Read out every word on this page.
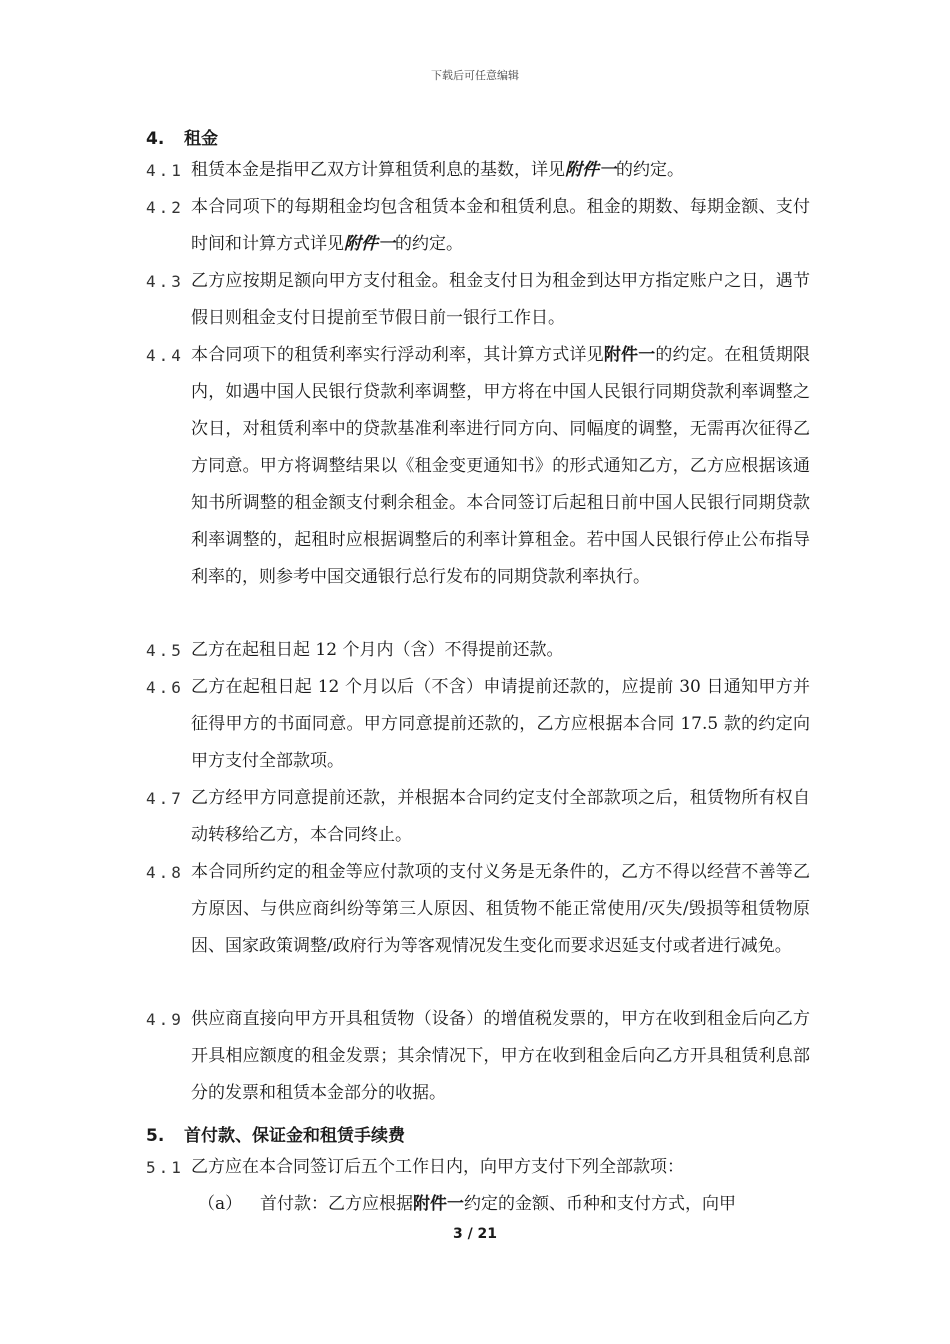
下载后可任意编辑
4. 租金
4.1 租赁本金是指甲乙双方计算租赁利息的基数，详见附件一的约定。
4.2 本合同项下的每期租金均包含租赁本金和租赁利息。租金的期数、每期金额、支付时间和计算方式详见附件一的约定。
4.3 乙方应按期足额向甲方支付租金。租金支付日为租金到达甲方指定账户之日，遇节假日则租金支付日提前至节假日前一银行工作日。
4.4 本合同项下的租赁利率实行浮动利率，其计算方式详见附件一的约定。在租赁期限内，如遇中国人民银行贷款利率调整，甲方将在中国人民银行同期贷款利率调整之次日，对租赁利率中的贷款基准利率进行同方向、同幅度的调整，无需再次征得乙方同意。甲方将调整结果以《租金变更通知书》的形式通知乙方，乙方应根据该通知书所调整的租金额支付剩余租金。本合同签订后起租日前中国人民银行同期贷款利率调整的，起租时应根据调整后的利率计算租金。若中国人民银行停止公布指导利率的，则参考中国交通银行总行发布的同期贷款利率执行。
4.5 乙方在起租日起 12 个月内（含）不得提前还款。
4.6 乙方在起租日起 12 个月以后（不含）申请提前还款的，应提前 30 日通知甲方并征得甲方的书面同意。甲方同意提前还款的，乙方应根据本合同 17.5 款的约定向甲方支付全部款项。
4.7 乙方经甲方同意提前还款，并根据本合同约定支付全部款项之后，租赁物所有权自动转移给乙方，本合同终止。
4.8 本合同所约定的租金等应付款项的支付义务是无条件的，乙方不得以经营不善等乙方原因、与供应商纠纷等第三人原因、租赁物不能正常使用/灭失/毁损等租赁物原因、国家政策调整/政府行为等客观情况发生变化而要求迟延支付或者进行减免。
4.9 供应商直接向甲方开具租赁物（设备）的增值税发票的，甲方在收到租金后向乙方开具相应额度的租金发票；其余情况下，甲方在收到租金后向乙方开具租赁利息部分的发票和租赁本金部分的收据。
5. 首付款、保证金和租赁手续费
5.1 乙方应在本合同签订后五个工作日内，向甲方支付下列全部款项：
（a） 首付款：乙方应根据附件一约定的金额、币种和支付方式，向甲
3 / 21
